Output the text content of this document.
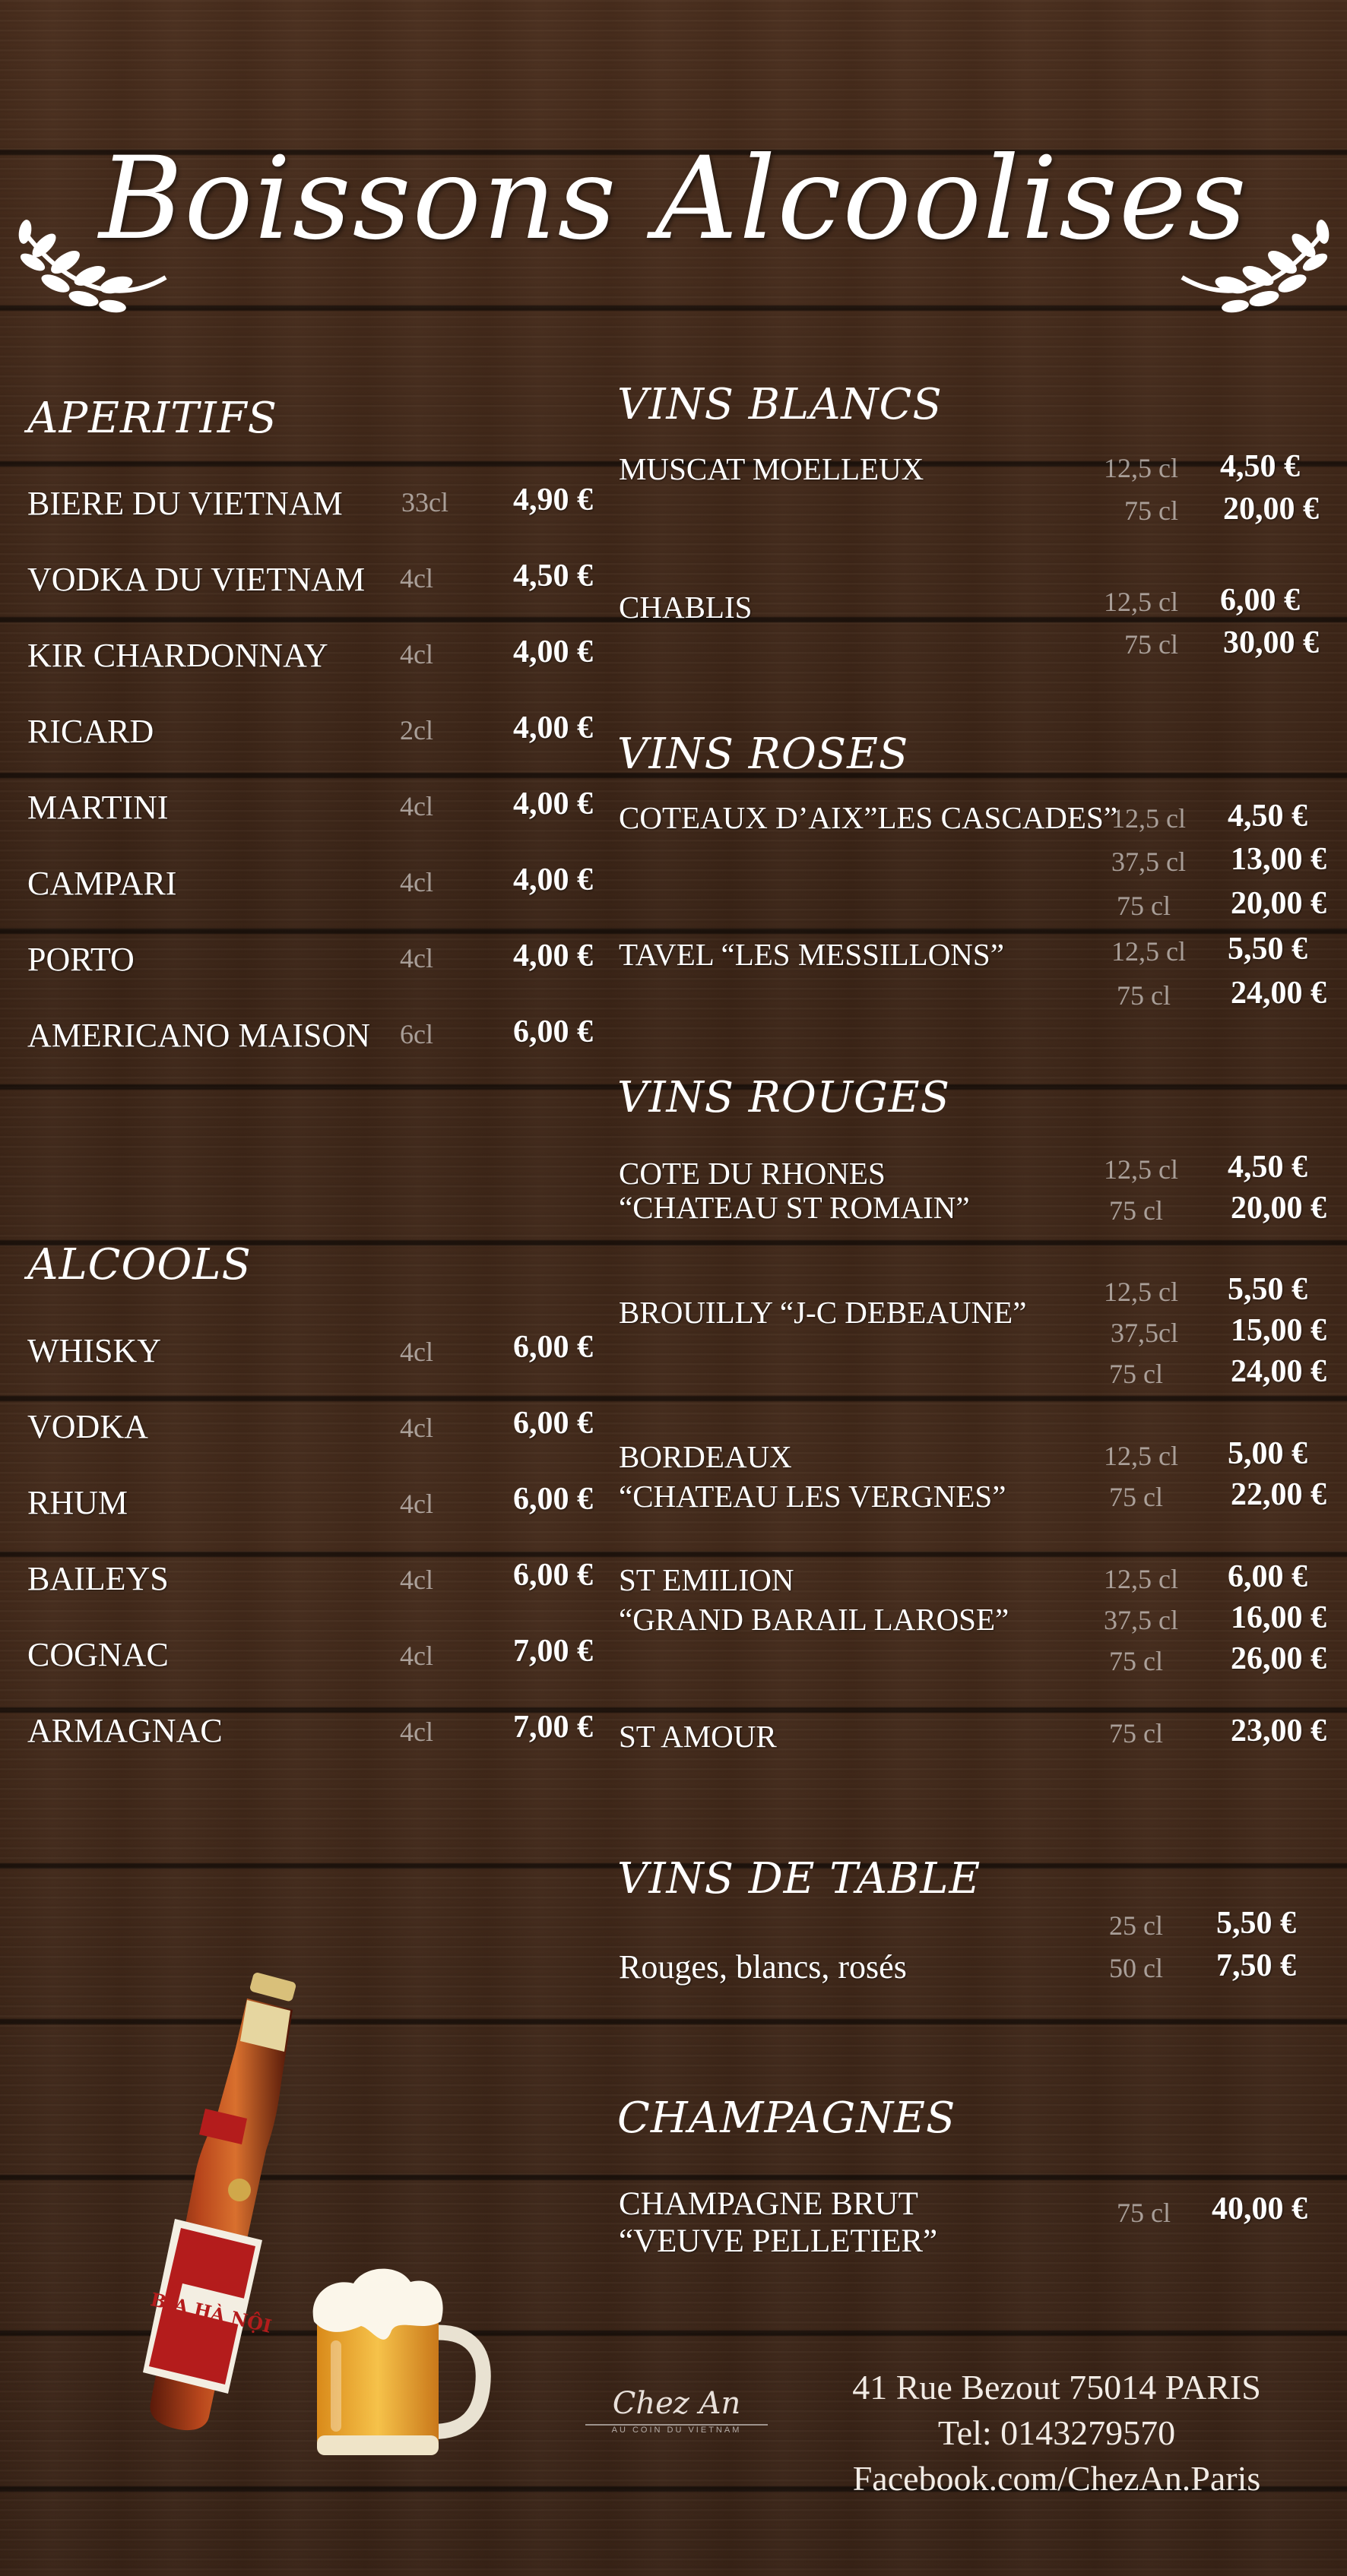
Boissons Alcoolises
APERITIFS
BIERE DU VIETNAM	33cl	4,90 €
VODKA DU VIETNAM	4cl	4,50 €
KIR CHARDONNAY	4cl	4,00 €
RICARD	2cl	4,00 €
MARTINI	4cl	4,00 €
CAMPARI	4cl	4,00 €
PORTO	4cl	4,00 €
AMERICANO MAISON	6cl	6,00 €
ALCOOLS
WHISKY	4cl	6,00 €
VODKA	4cl	6,00 €
RHUM	4cl	6,00 €
BAILEYS	4cl	6,00 €
COGNAC	4cl	7,00 €
ARMAGNAC	4cl	7,00 €
VINS BLANCS
MUSCAT MOELLEUX	12,5 cl	4,50 €
75 cl	20,00 €
CHABLIS	12,5 cl	6,00 €
75 cl	30,00 €
VINS ROSES
COTEAUX D’AIX”LES CASCADES”
12,5 cl	4,50 €
37,5 cl	13,00 €
75 cl	20,00 €
TAVEL “LES MESSILLONS”	12,5 cl	5,50 €
75 cl	24,00 €
VINS ROUGES
COTE DU RHONES
“CHATEAU ST ROMAIN”
12,5 cl	4,50 €
75 cl	20,00 €
BROUILLY “J-C DEBEAUNE”
12,5 cl	5,50 €
37,5cl	15,00 €
75 cl	24,00 €
BORDEAUX
“CHATEAU LES VERGNES”
12,5 cl	5,00 €
75 cl	22,00 €
ST EMILION
“GRAND BARAIL LAROSE”
12,5 cl	6,00 €
37,5 cl	16,00 €
75 cl	26,00 €
ST AMOUR	75 cl	23,00 €
VINS DE TABLE
Rouges, blancs, rosés
25 cl	5,50 €
50 cl	7,50 €
CHAMPAGNES
CHAMPAGNE BRUT
“VEUVE PELLETIER”
75 cl	40,00 €
BIA HÀ NỘI
Chez An
AU COIN DU VIETNAM
41 Rue Bezout 75014 PARIS
Tel: 0143279570
Facebook.com/ChezAn.Paris
